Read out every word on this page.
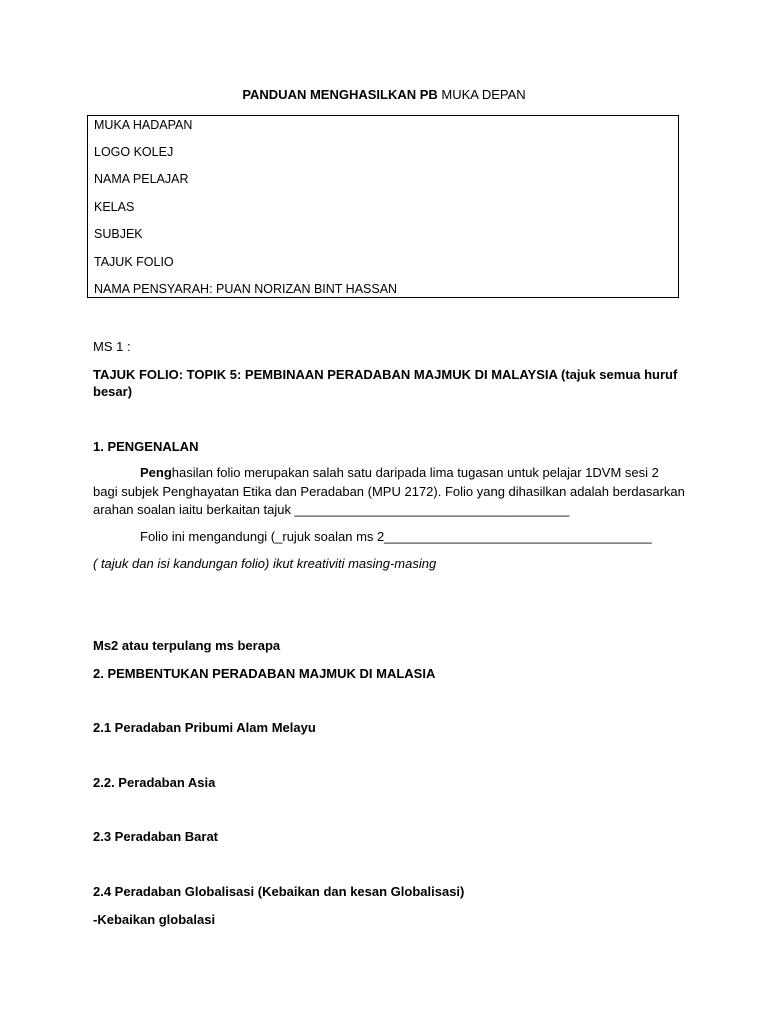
PANDUAN MENGHASILKAN PB MUKA DEPAN
MUKA HADAPAN
LOGO KOLEJ
NAMA PELAJAR
KELAS
SUBJEK
TAJUK FOLIO
NAMA PENSYARAH: PUAN NORIZAN BINT HASSAN
MS 1 :
TAJUK FOLIO: TOPIK 5: PEMBINAAN PERADABAN MAJMUK DI MALAYSIA (tajuk semua huruf
besar)
1. PENGENALAN
Penghasilan folio merupakan salah satu daripada lima tugasan untuk pelajar 1DVM sesi 2
bagi subjek Penghayatan Etika dan Peradaban (MPU 2172). Folio yang dihasilkan adalah berdasarkan
arahan soalan iaitu berkaitan tajuk ______________________________________
Folio ini mengandungi (_rujuk soalan ms 2_____________________________________
( tajuk dan isi kandungan folio) ikut kreativiti masing-masing
Ms2 atau terpulang ms berapa
2. PEMBENTUKAN PERADABAN MAJMUK DI MALASIA
2.1 Peradaban Pribumi Alam Melayu
2.2. Peradaban Asia
2.3 Peradaban Barat
2.4 Peradaban Globalisasi (Kebaikan dan kesan Globalisasi)
-Kebaikan globalasi
